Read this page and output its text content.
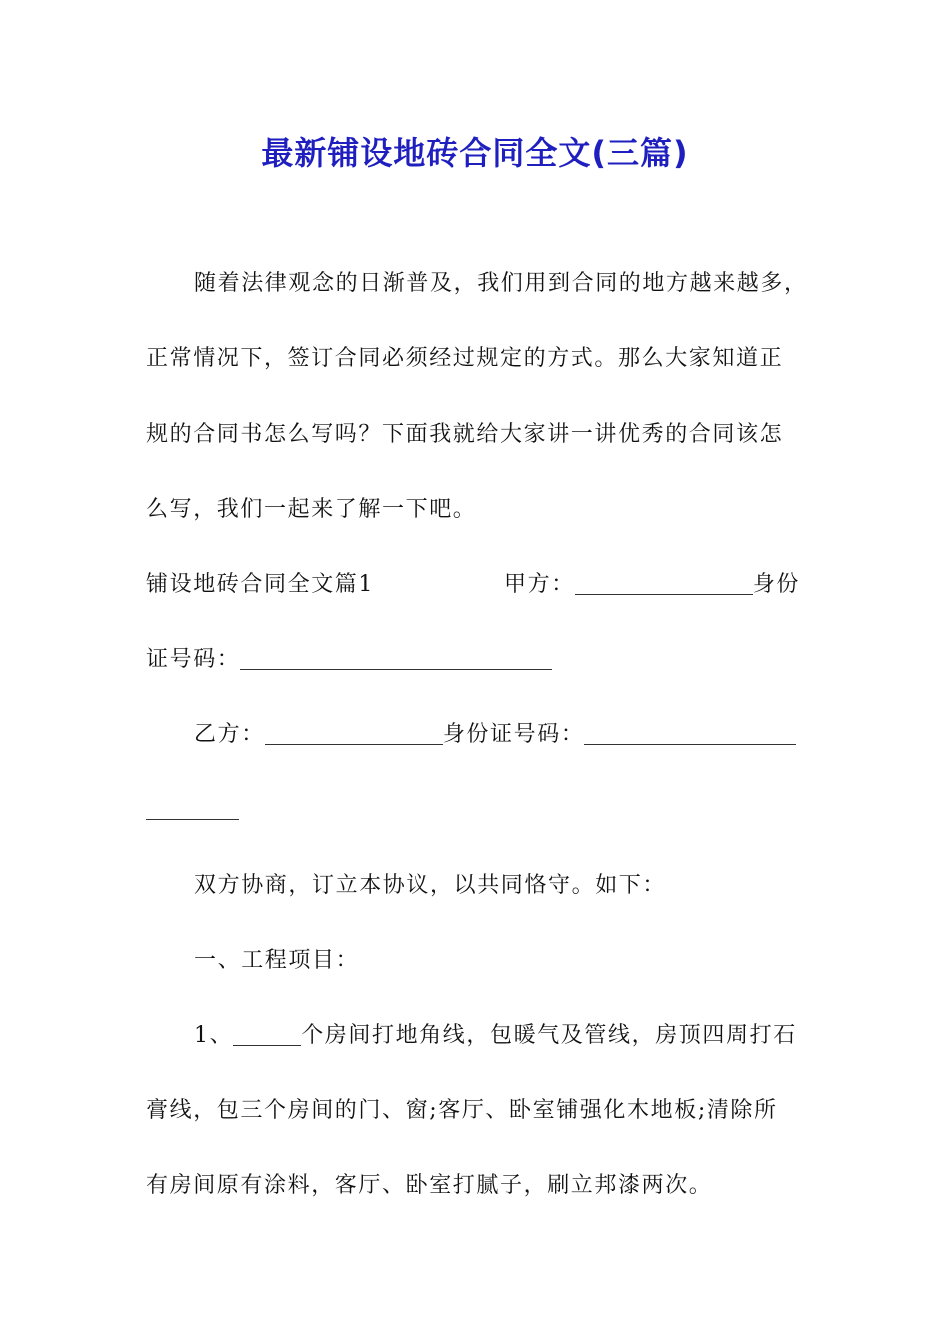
最新铺设地砖合同全文(三篇)
随着法律观念的日渐普及，我们用到合同的地方越来越多，
正常情况下，签订合同必须经过规定的方式。那么大家知道正
规的合同书怎么写吗？下面我就给大家讲一讲优秀的合同该怎
么写，我们一起来了解一下吧。
铺设地砖合同全文篇1	甲方：	身份
证号码：
乙方：	身份证号码：
双方协商，订立本协议，以共同恪守。如下：
一、工程项目：
1、	个房间打地角线，包暖气及管线，房顶四周打石
膏线，包三个房间的门、窗;客厅、卧室铺强化木地板;清除所
有房间原有涂料，客厅、卧室打腻子，刷立邦漆两次。
